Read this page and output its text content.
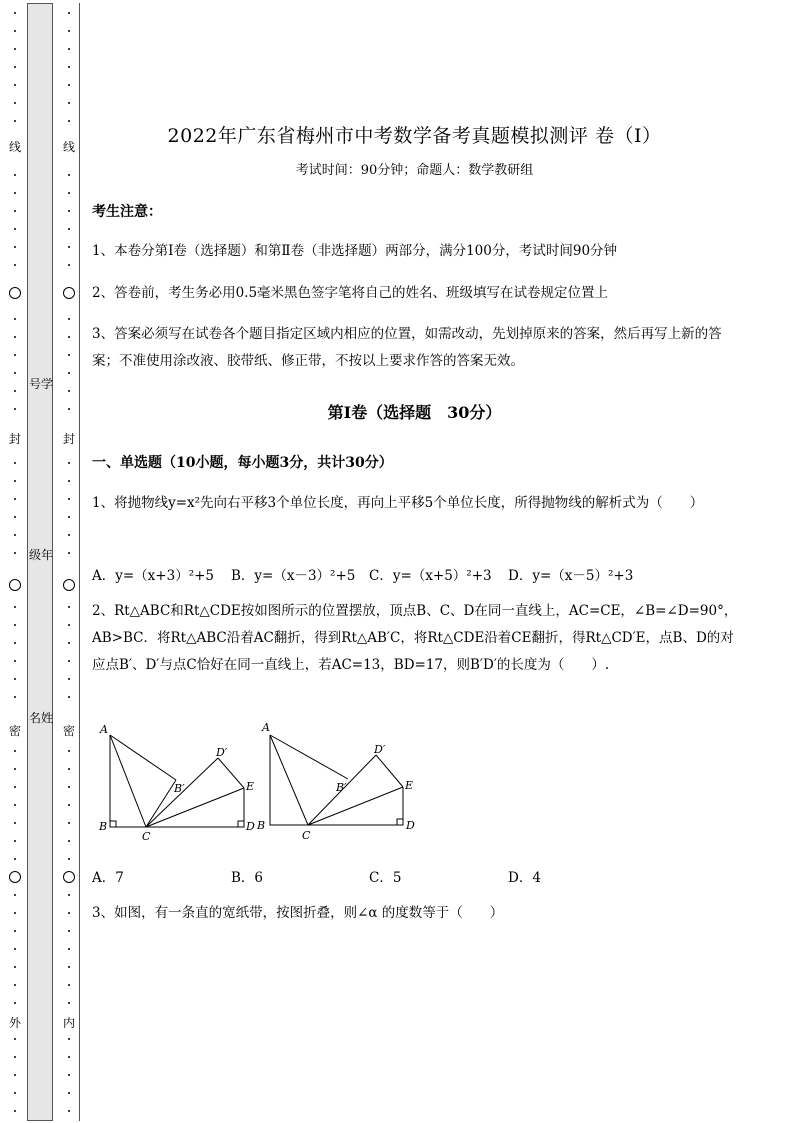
线
封
密
外
号学
级年
名姓
线
封
密
内
2022年广东省梅州市中考数学备考真题模拟测评 卷（Ⅰ）
考试时间：90分钟；命题人：数学教研组
考生注意：
1、本卷分第Ⅰ卷（选择题）和第Ⅱ卷（非选择题）两部分，满分100分，考试时间90分钟
2、答卷前，考生务必用0.5毫米黑色签字笔将自己的姓名、班级填写在试卷规定位置上
3、答案必须写在试卷各个题目指定区域内相应的位置，如需改动，先划掉原来的答案，然后再写上新的答案；不准使用涂改液、胶带纸、修正带，不按以上要求作答的答案无效。
第Ⅰ卷（选择题　30分）
一、单选题（10小题，每小题3分，共计30分）
1、将抛物线y=x²先向右平移3个单位长度，再向上平移5个单位长度，所得抛物线的解析式为（　　）
A．y=（x+3）²+5 B．y=（x－3）²+5 C．y=（x+5）²+3 D．y=（x－5）²+3
2、Rt△ABC和Rt△CDE按如图所示的位置摆放，顶点B、C、D在同一直线上，AC=CE，∠B=∠D=90°，AB>BC．将Rt△ABC沿着AC翻折，得到Rt△AB′C，将Rt△CDE沿着CE翻折，得Rt△CD′E，点B、D的对应点B′、D′与点C恰好在同一直线上，若AC=13，BD=17，则B′D′的长度为（　　）.
A
B
C
D
E
B′
D′
A
B
C
D
E
B′
D′
A．7	B．6	C．5	D．4
3、如图，有一条直的宽纸带，按图折叠，则∠α 的度数等于（　　）
